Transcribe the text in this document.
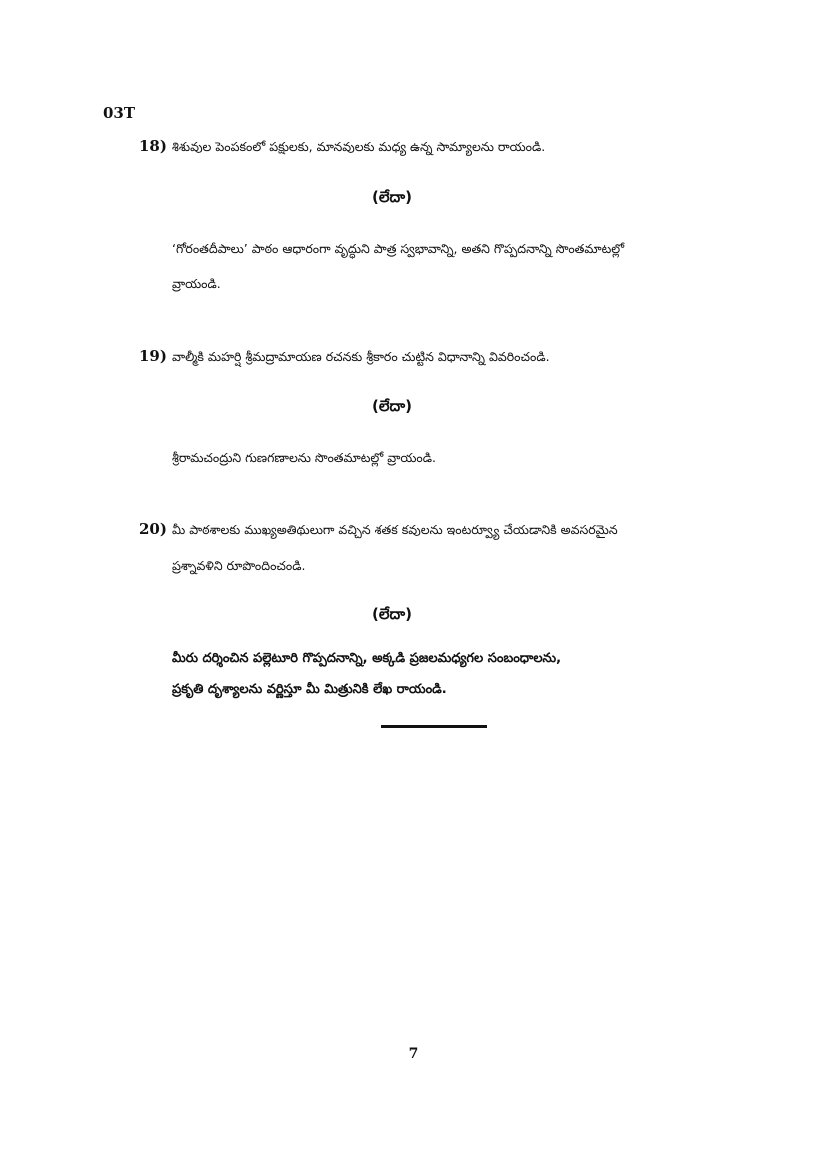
03T
18) శిశువుల పెంపకంలో పక్షులకు, మానవులకు మధ్య ఉన్న సామ్యాలను రాయండి.
(లేదా)
‘గోరంతదీపాలు’ పాఠం ఆధారంగా వృద్ధుని పాత్ర స్వభావాన్ని, అతని గొప్పదనాన్ని సొంతమాటల్లో
వ్రాయండి.
19) వాల్మీకి మహర్షి శ్రీమద్రామాయణ రచనకు శ్రీకారం చుట్టిన విధానాన్ని వివరించండి.
(లేదా)
శ్రీరామచంద్రుని గుణగణాలను సొంతమాటల్లో వ్రాయండి.
20) మీ పాఠశాలకు ముఖ్యఅతిథులుగా వచ్చిన శతక కవులను ఇంటర్వ్యూ చేయడానికి అవసరమైన
ప్రశ్నావళిని రూపొందించండి.
(లేదా)
మీరు దర్శించిన పల్లెటూరి గొప్పదనాన్ని, అక్కడి ప్రజలమధ్యగల సంబంధాలను,
ప్రకృతి దృశ్యాలను వర్ణిస్తూ మీ మిత్రునికి లేఖ రాయండి.
7
